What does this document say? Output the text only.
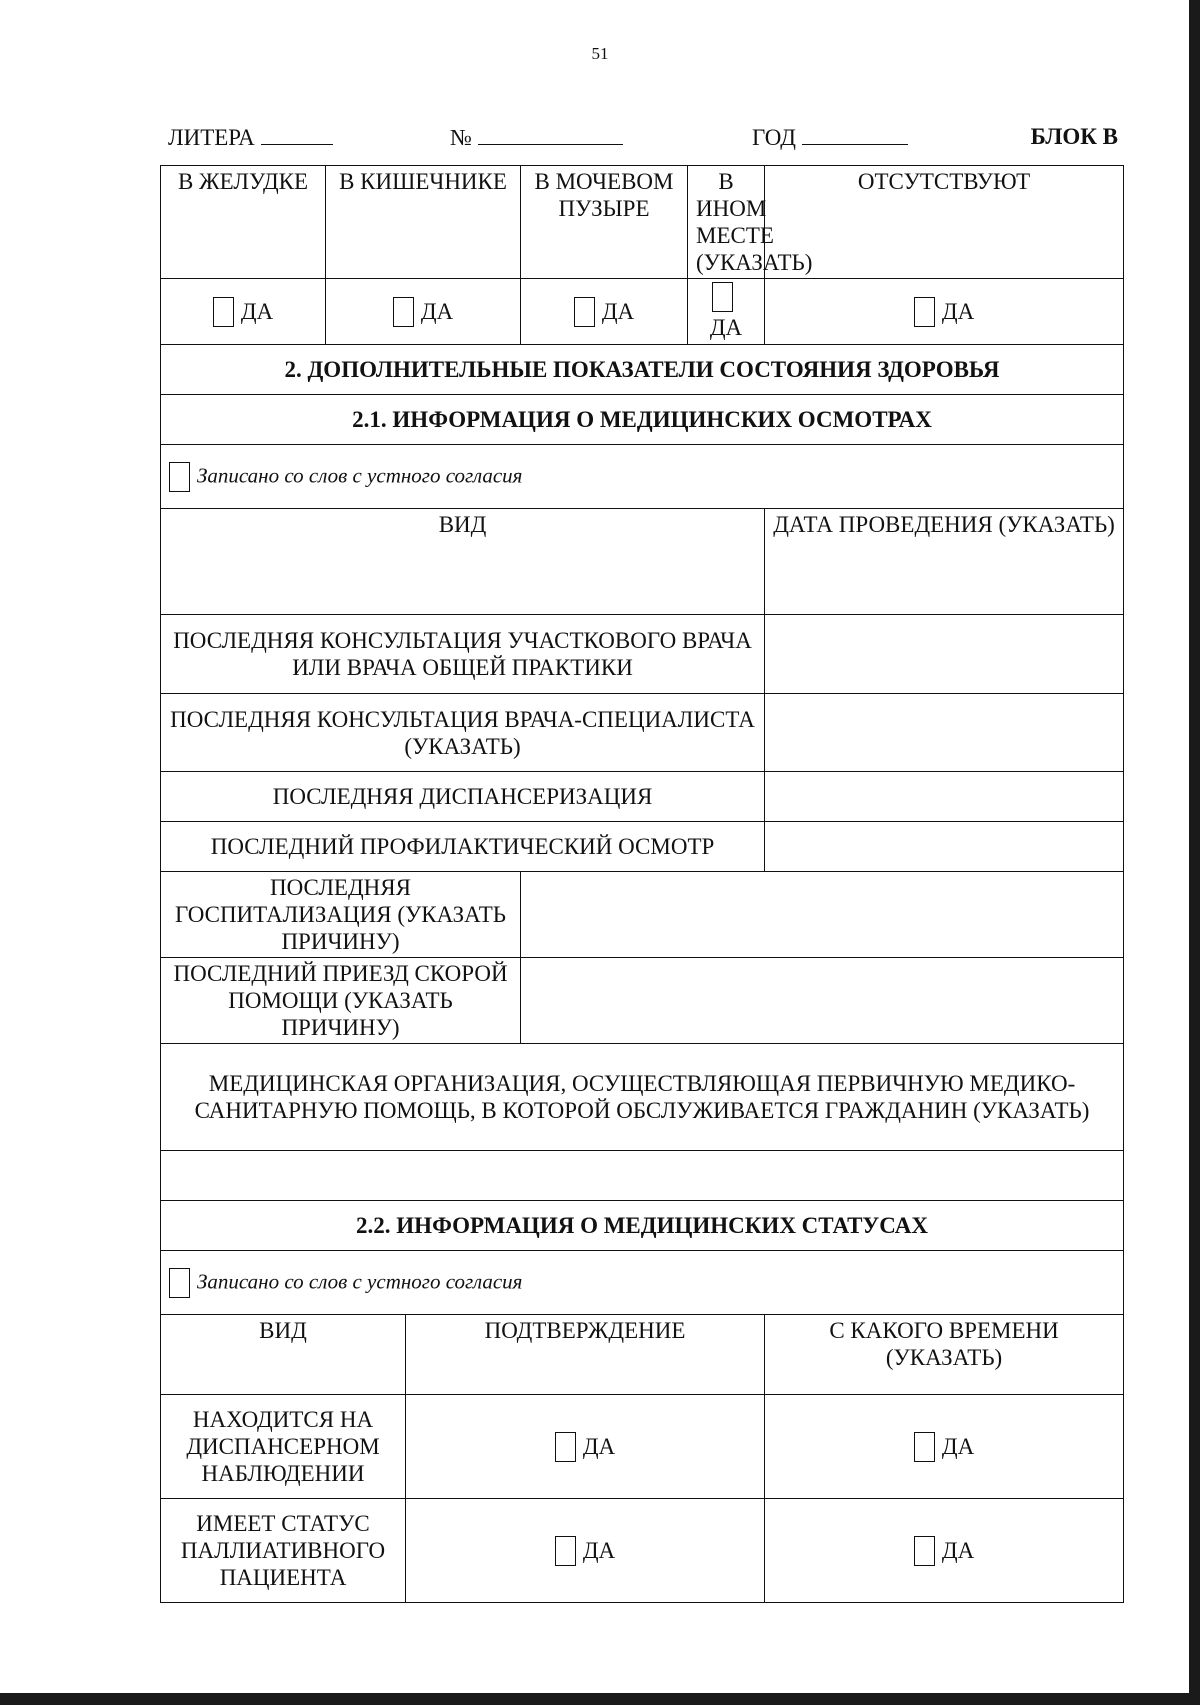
51
ЛИТЕРА	№	ГОД	БЛОК В
В ЖЕЛУДКЕ	В КИШЕЧНИКЕ		В МОЧЕВОМ ПУЗЫРЕ	В ИНОМ МЕСТЕ (УКАЗАТЬ)	ОТСУТСТВУЮТ
ДА	ДА		ДА	ДА	ДА
2. ДОПОЛНИТЕЛЬНЫЕ ПОКАЗАТЕЛИ СОСТОЯНИЯ ЗДОРОВЬЯ					
2.1. ИНФОРМАЦИЯ О МЕДИЦИНСКИХ ОСМОТРАХ					
Записано со слов с устного согласия					
ВИД					ДАТА ПРОВЕДЕНИЯ (УКАЗАТЬ)
ПОСЛЕДНЯЯ КОНСУЛЬТАЦИЯ УЧАСТКОВОГО ВРАЧА ИЛИ ВРАЧА ОБЩЕЙ ПРАКТИКИ					
ПОСЛЕДНЯЯ КОНСУЛЬТАЦИЯ ВРАЧА-СПЕЦИАЛИСТА (УКАЗАТЬ)					
ПОСЛЕДНЯЯ ДИСПАНСЕРИЗАЦИЯ					
ПОСЛЕДНИЙ ПРОФИЛАКТИЧЕСКИЙ ОСМОТР					
ПОСЛЕДНЯЯ ГОСПИТАЛИЗАЦИЯ (УКАЗАТЬ ПРИЧИНУ)					
ПОСЛЕДНИЙ ПРИЕЗД СКОРОЙ ПОМОЩИ (УКАЗАТЬ ПРИЧИНУ)					
МЕДИЦИНСКАЯ ОРГАНИЗАЦИЯ, ОСУЩЕСТВЛЯЮЩАЯ ПЕРВИЧНУЮ МЕДИКО-САНИТАРНУЮ ПОМОЩЬ, В КОТОРОЙ ОБСЛУЖИВАЕТСЯ ГРАЖДАНИН (УКАЗАТЬ)					

2.2. ИНФОРМАЦИЯ О МЕДИЦИНСКИХ СТАТУСАХ					
Записано со слов с устного согласия					
ВИД		ПОДТВЕРЖДЕНИЕ			С КАКОГО ВРЕМЕНИ (УКАЗАТЬ)
НАХОДИТСЯ НА ДИСПАНСЕРНОМ НАБЛЮДЕНИИ		ДА			ДА
ИМЕЕТ СТАТУС ПАЛЛИАТИВНОГО ПАЦИЕНТА		ДА			ДА
